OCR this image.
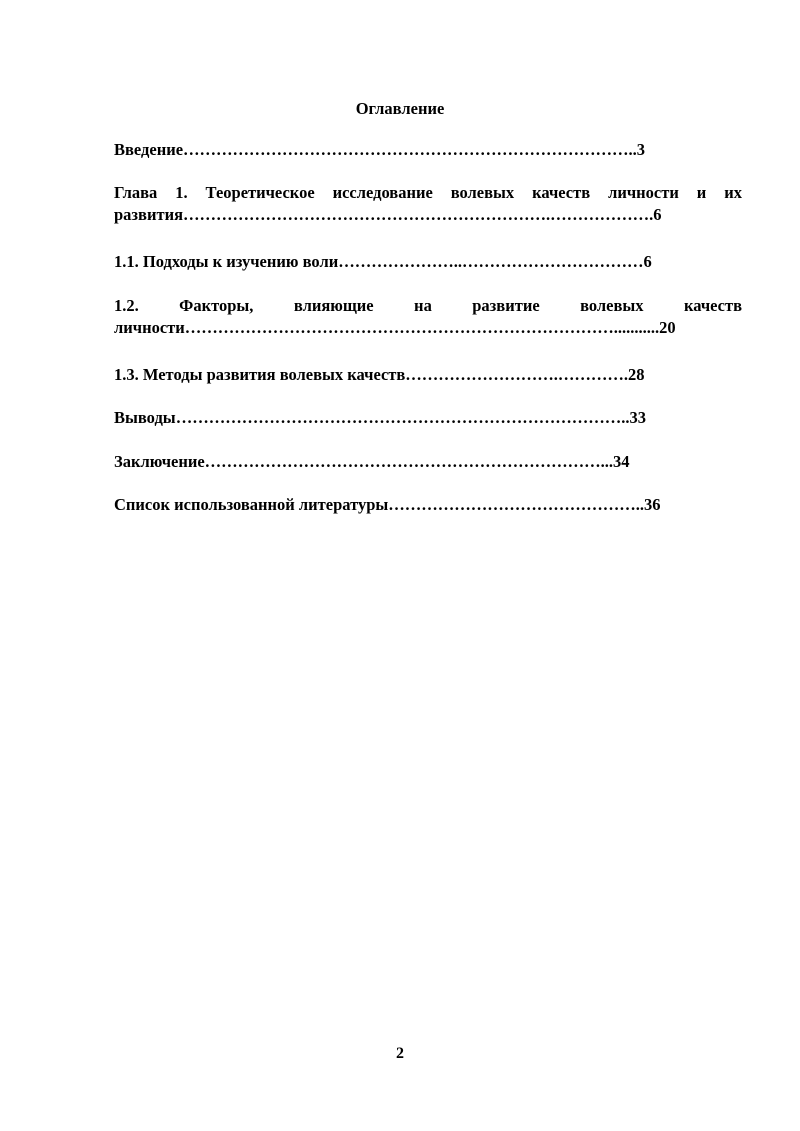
Оглавление
Введение………………………………………………………………………..3
Глава 1. Теоретическое исследование волевых качеств личности и их
развития………………………………………………………….……………….6
1.1. Подходы к изучению воли…………………..……………………………6
1.2. Факторы, влияющие на развитие волевых качеств
личности……………………………………………………………………...........20
1.3. Методы развития волевых качеств……………………….………….28
Выводы………………………………………………………………………..33
Заключение………………………………………………………………...34
Список использованной литературы………………………………………..36
2
